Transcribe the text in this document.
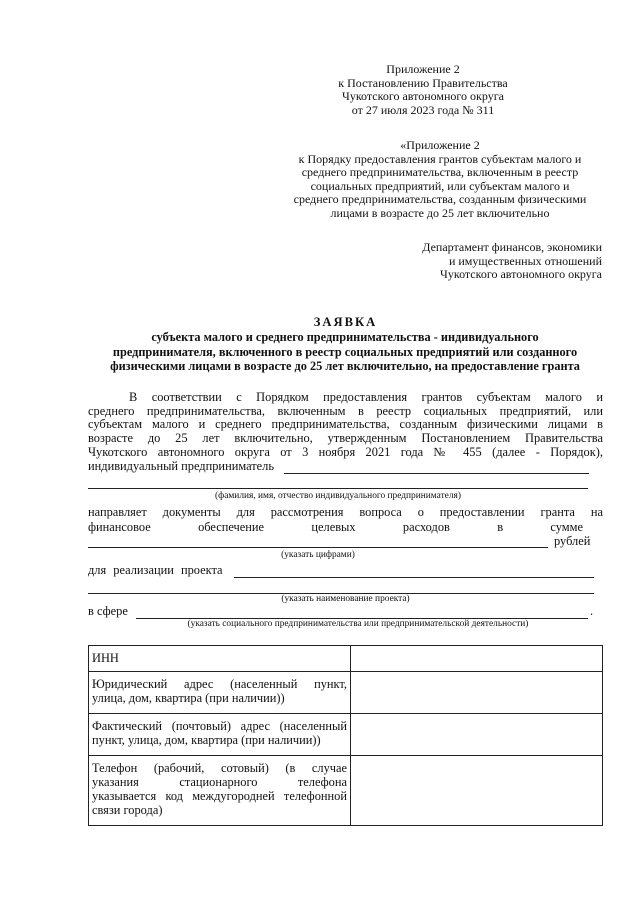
Приложение 2
к Постановлению Правительства
Чукотского автономного округа
от 27 июля 2023 года № 311
«Приложение 2
к Порядку предоставления грантов субъектам малого и
среднего предпринимательства, включенным в реестр
социальных предприятий, или субъектам малого и
среднего предпринимательства, созданным физическими
лицами в возрасте до 25 лет включительно
Департамент финансов, экономики
и имущественных отношений
Чукотского автономного округа
ЗАЯВКА
субъекта малого и среднего предпринимательства - индивидуального
предпринимателя, включенного в реестр социальных предприятий или созданного
физическими лицами в возрасте до 25 лет включительно, на предоставление гранта
В соответствии с Порядком предоставления грантов субъектам малого и
среднего предпринимательства, включенным в реестр социальных предприятий, или
субъектам малого и среднего предпринимательства, созданным физическими лицами в
возрасте до 25 лет включительно, утвержденным Постановлением Правительства
Чукотского автономного округа от 3 ноября 2021 года № 455 (далее - Порядок),
индивидуальный предприниматель
(фамилия, имя, отчество индивидуального предпринимателя)
направляет документы для рассмотрения вопроса о предоставлении гранта на
финансовое	обеспечение	целевых	расходов	в	сумме
рублей
(указать цифрами)
для реализации проекта
(указать наименование проекта)
в сфере	.
(указать социального предпринимательства или предпринимательской деятельности)
ИНН	

Юридический адрес (населенный пункт,
улица, дом, квартира (при наличии))	

Фактический (почтовый) адрес (населенный
пункт, улица, дом, квартира (при наличии))	

Телефон (рабочий, сотовый) (в случае
указания стационарного телефона
указывается код междугородней телефонной
связи города)	
